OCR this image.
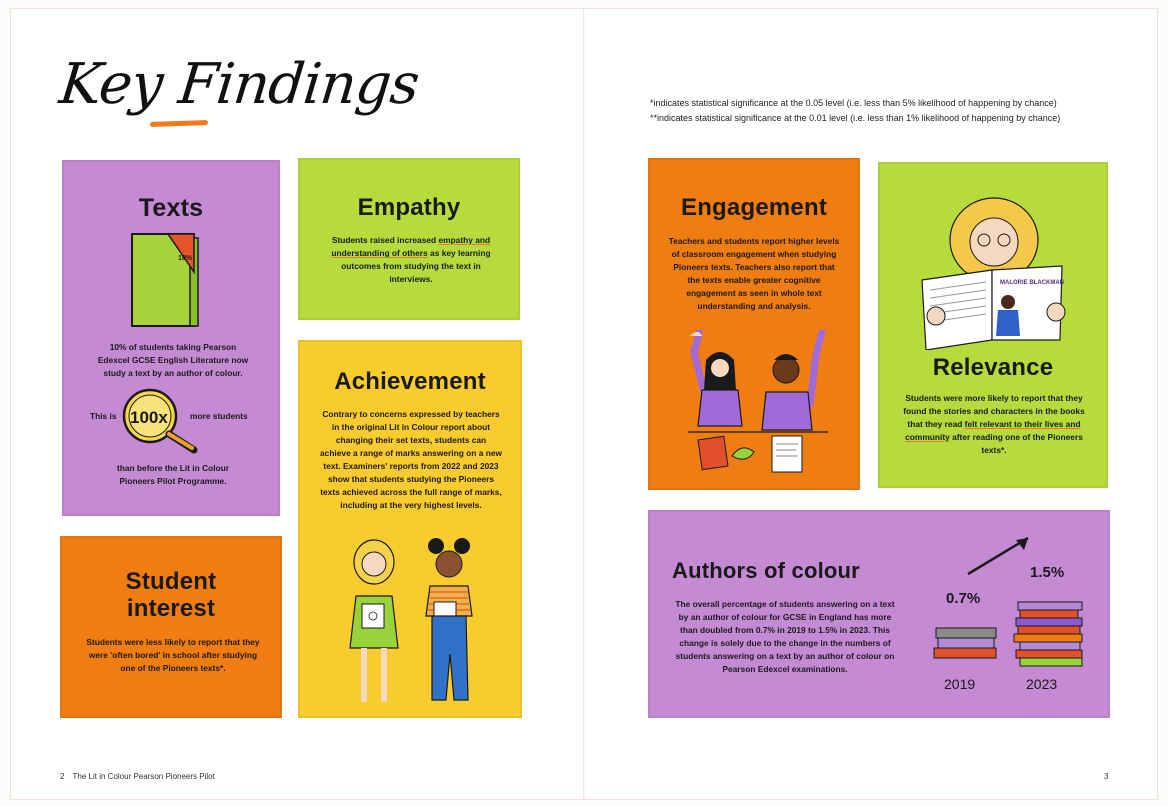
Key Findings	*indicates statistical significance at the 0.05 level (i.e. less than 5% likelihood of happening by chance)
**indicates statistical significance at the 0.01 level (i.e. less than 1% likelihood of happening by chance)
Texts
10%

10% of students taking Pearson Edexcel GCSE English Literature now study a text by an author of colour.

This is 100x	more students

than before the Lit in Colour Pioneers Pilot Programme.

Student
interest

Students were less likely to report that they were 'often bored' in school after studying one of the Pioneers texts*.

Empathy

Students raised increased empathy and understanding of others as key learning outcomes from studying the text in interviews.

Achievement

Contrary to concerns expressed by teachers in the original Lit in Colour report about changing their set texts, students can achieve a range of marks answering on a new text. Examiners' reports from 2022 and 2023 show that students studying the Pioneers texts achieved across the full range of marks, including at the very highest levels.

Engagement

Teachers and students report higher levels of classroom engagement when studying Pioneers texts. Teachers also report that the texts enable greater cognitive engagement as seen in whole text understanding and analysis.

MALORIE BLACKMAN
Relevance

Students were more likely to report that they found the stories and characters in the books that they read felt relevant to their lives and community after reading one of the Pioneers texts*.

Authors of colour

The overall percentage of students answering on a text by an author of colour for GCSE in England has more than doubled from 0.7% in 2019 to 1.5% in 2023. This change is solely due to the change in the numbers of students answering on a text by an author of colour on Pearson Edexcel examinations.

0.7%
1.5%
2019	2023
2 The Lit in Colour Pearson Pioneers Pilot	3
